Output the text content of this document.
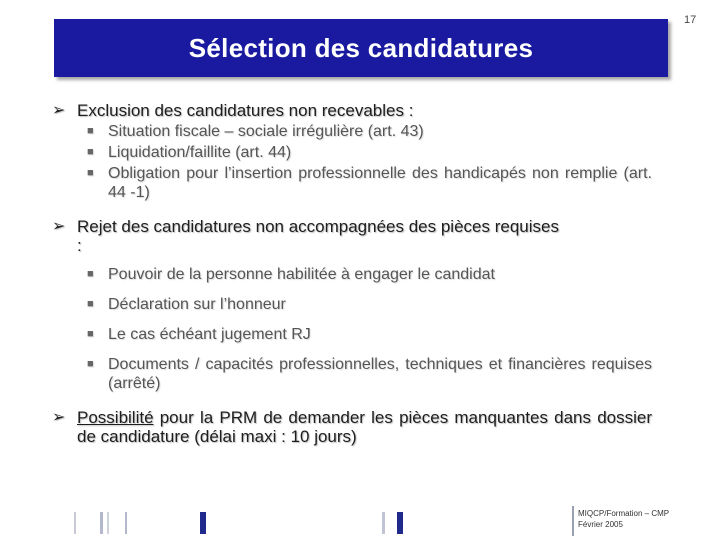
Sélection des candidatures
17
➢ Exclusion des candidatures non recevables :
■ Situation fiscale – sociale irrégulière (art. 43)
■ Liquidation/faillite (art. 44)
■ Obligation pour l’insertion professionnelle des handicapés non remplie (art. 44 -1)
➢ Rejet des candidatures non accompagnées des pièces requises
:
■ Pouvoir de la personne habilitée à engager le candidat
■ Déclaration sur l’honneur
■ Le cas échéant jugement RJ
■ Documents / capacités professionnelles, techniques et financières requises (arrêté)
➢ Possibilité pour la PRM de demander les pièces manquantes dans dossier de candidature (délai maxi : 10 jours)
MIQCP/Formation – CMP
Février 2005
